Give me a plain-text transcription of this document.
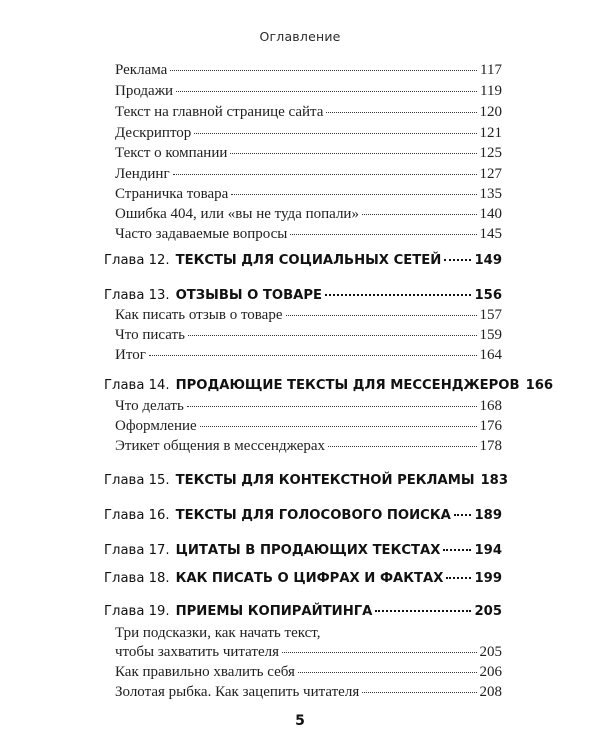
Оглавление
Реклама	117
Продажи	119
Текст на главной странице сайта	120
Дескриптор	121
Текст о компании	125
Лендинг	127
Страничка товара	135
Ошибка 404, или «вы не туда попали»	140
Часто задаваемые вопросы	145
Глава 12. ТЕКСТЫ ДЛЯ СОЦИАЛЬНЫХ СЕТЕЙ	149
Глава 13. ОТЗЫВЫ О ТОВАРЕ	156
Как писать отзыв о товаре	157
Что писать	159
Итог	164
Глава 14. ПРОДАЮЩИЕ ТЕКСТЫ ДЛЯ МЕССЕНДЖЕРОВ 166
Что делать	168
Оформление	176
Этикет общения в мессенджерах	178
Глава 15. ТЕКСТЫ ДЛЯ КОНТЕКСТНОЙ РЕКЛАМЫ 183
Глава 16. ТЕКСТЫ ДЛЯ ГОЛОСОВОГО ПОИСКА 189
Глава 17. ЦИТАТЫ В ПРОДАЮЩИХ ТЕКСТАХ	194
Глава 18. КАК ПИСАТЬ О ЦИФРАХ И ФАКТАХ 199
Глава 19. ПРИЕМЫ КОПИРАЙТИНГА	205
Три подсказки, как начать текст,
чтобы захватить читателя	205
Как правильно хвалить себя	206
Золотая рыбка. Как зацепить читателя	208
5
